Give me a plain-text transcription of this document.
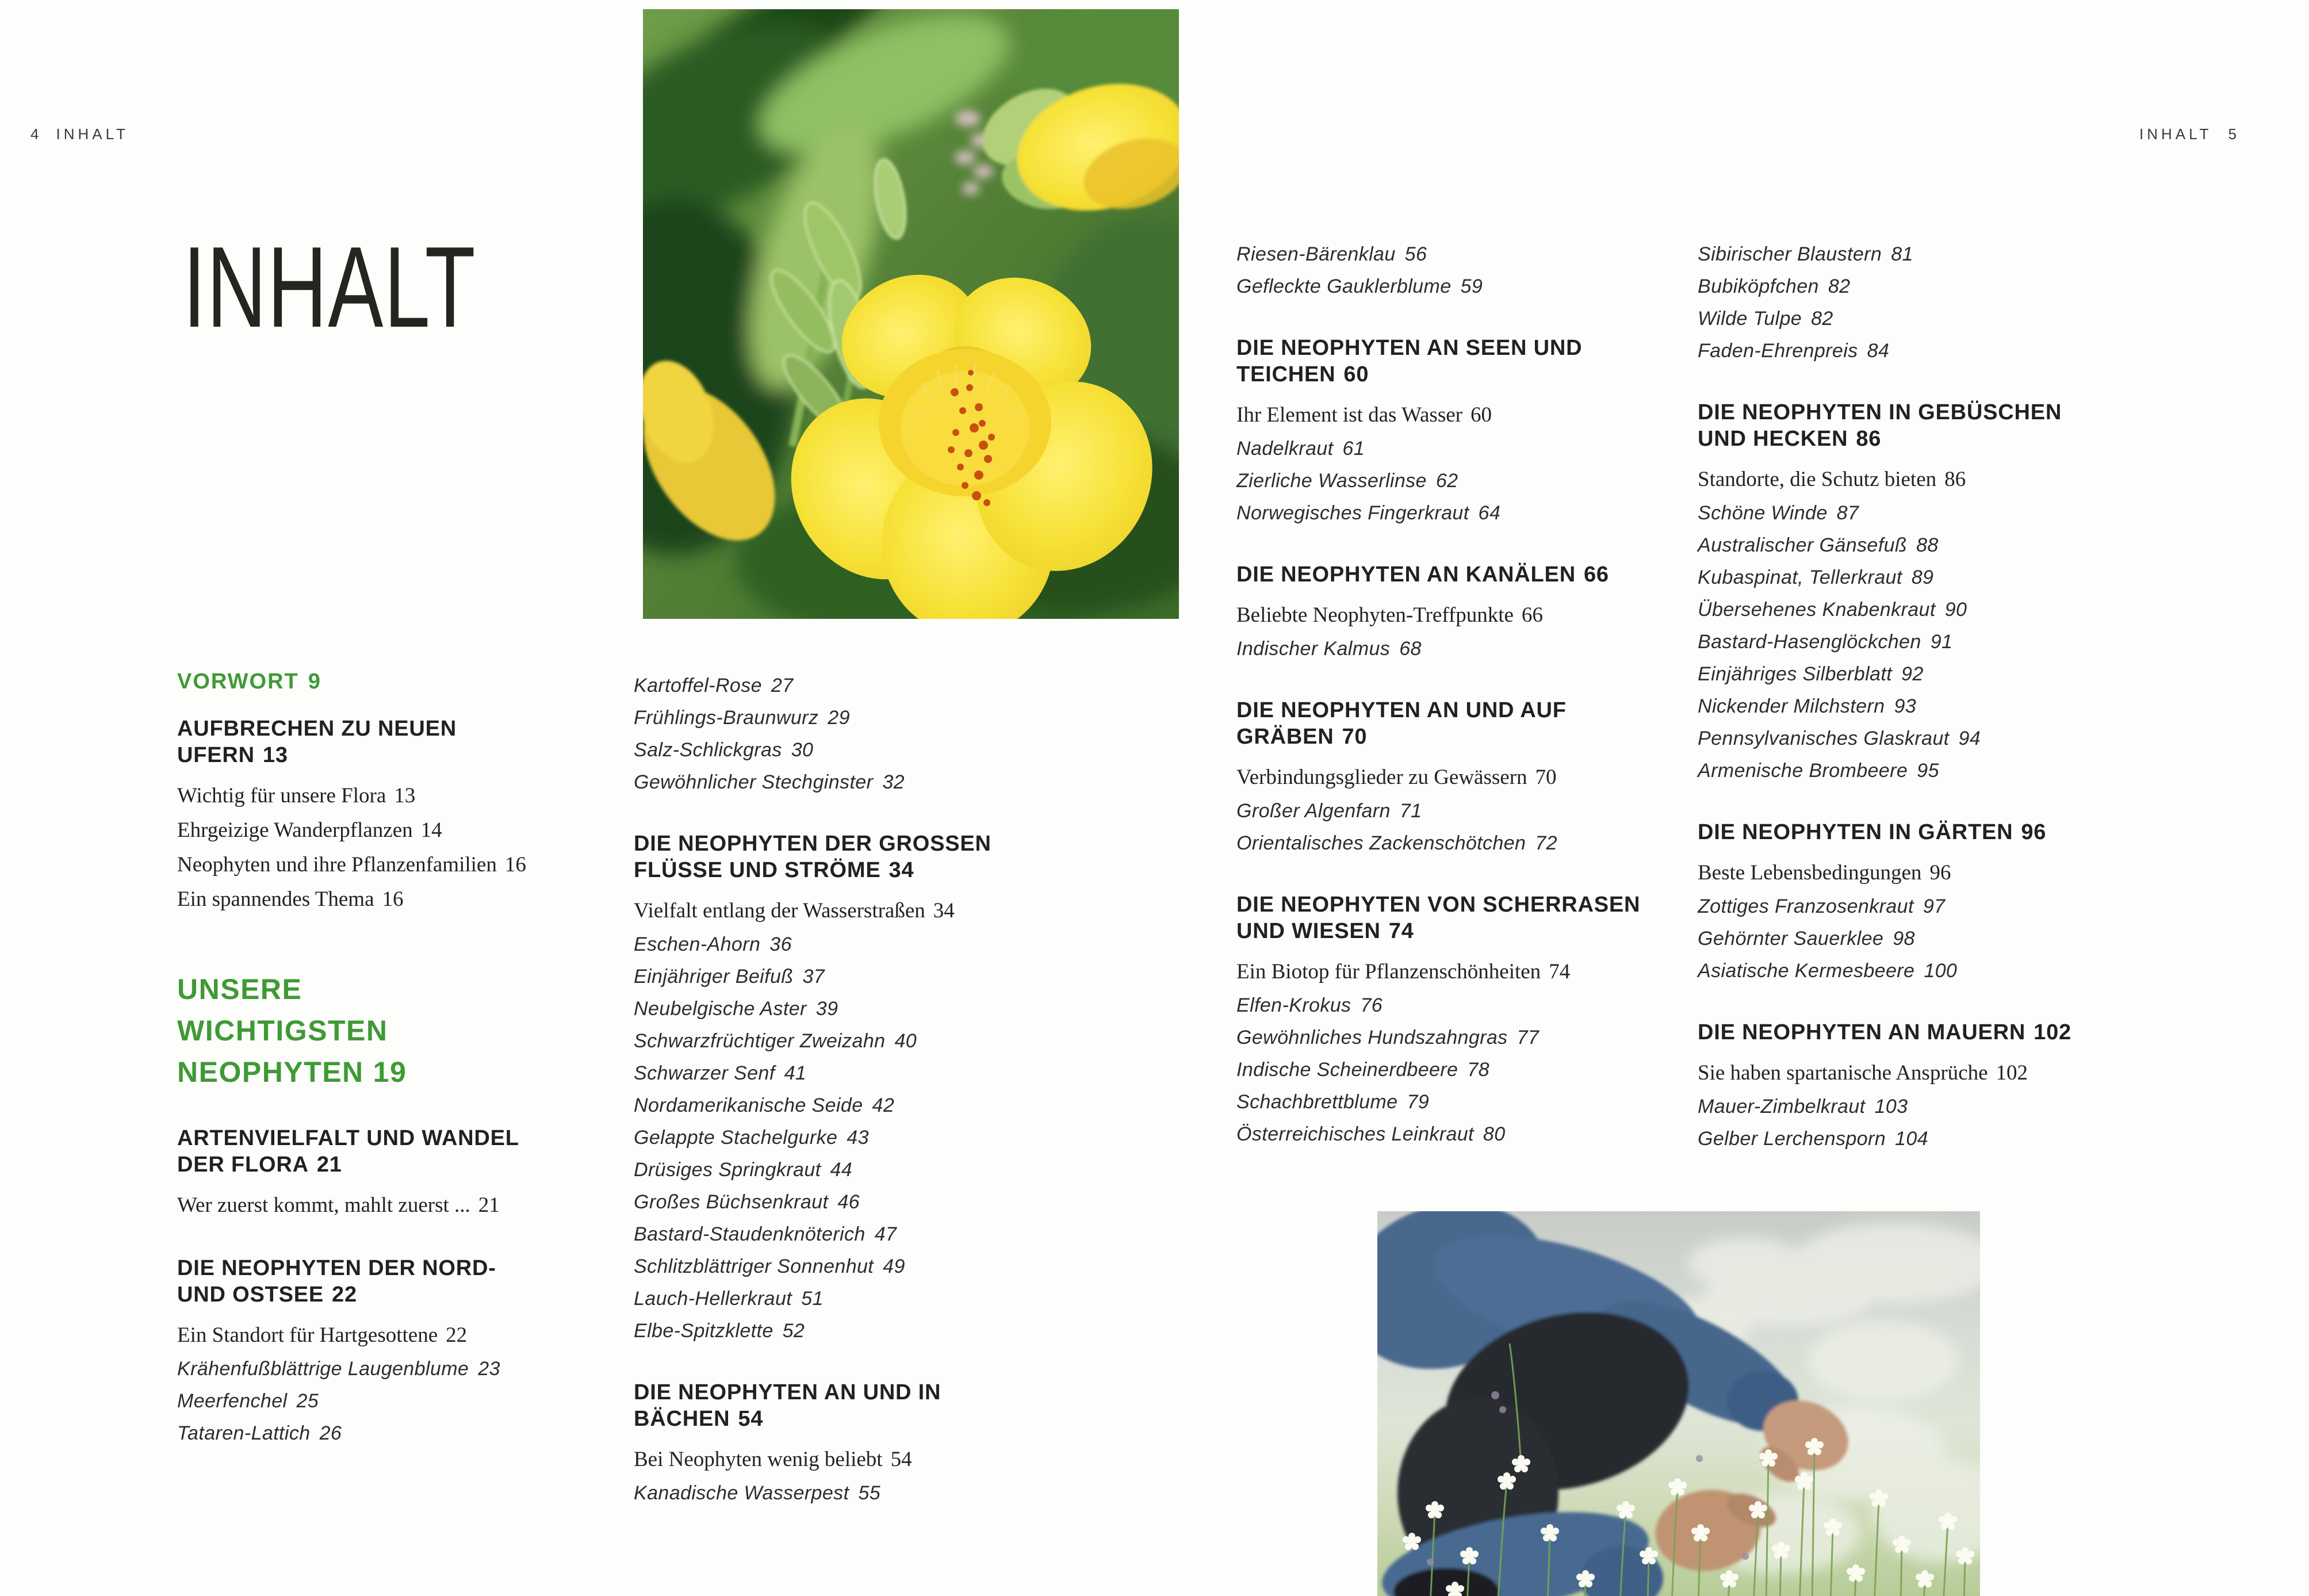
4 INHALT	INHALT 5
INHALT
VORWORT 9
AUFBRECHEN ZU NEUEN
UFERN 13
Wichtig für unsere Flora 13
Ehrgeizige Wanderpflanzen 14
Neophyten und ihre Pflanzenfamilien 16
Ein spannendes Thema 16
UNSERE
WICHTIGSTEN
NEOPHYTEN 19
ARTENVIELFALT UND WANDEL
DER FLORA 21
Wer zuerst kommt, mahlt zuerst ... 21
DIE NEOPHYTEN DER NORD-
UND OSTSEE 22
Ein Standort für Hartgesottene 22
Krähenfußblättrige Laugenblume 23
Meerfenchel 25
Tataren-Lattich 26
Kartoffel-Rose 27
Frühlings-Braunwurz 29
Salz-Schlickgras 30
Gewöhnlicher Stechginster 32
DIE NEOPHYTEN DER GROSSEN
FLÜSSE UND STRÖME 34
Vielfalt entlang der Wasserstraßen 34
Eschen-Ahorn 36
Einjähriger Beifuß 37
Neubelgische Aster 39
Schwarzfrüchtiger Zweizahn 40
Schwarzer Senf 41
Nordamerikanische Seide 42
Gelappte Stachelgurke 43
Drüsiges Springkraut 44
Großes Büchsenkraut 46
Bastard-Staudenknöterich 47
Schlitzblättriger Sonnenhut 49
Lauch-Hellerkraut 51
Elbe-Spitzklette 52
DIE NEOPHYTEN AN UND IN
BÄCHEN 54
Bei Neophyten wenig beliebt 54
Kanadische Wasserpest 55
Riesen-Bärenklau 56
Gefleckte Gauklerblume 59
DIE NEOPHYTEN AN SEEN UND
TEICHEN 60
Ihr Element ist das Wasser 60
Nadelkraut 61
Zierliche Wasserlinse 62
Norwegisches Fingerkraut 64
DIE NEOPHYTEN AN KANÄLEN 66
Beliebte Neophyten-Treffpunkte 66
Indischer Kalmus 68
DIE NEOPHYTEN AN UND AUF
GRÄBEN 70
Verbindungsglieder zu Gewässern 70
Großer Algenfarn 71
Orientalisches Zackenschötchen 72
DIE NEOPHYTEN VON SCHERRASEN
UND WIESEN 74
Ein Biotop für Pflanzenschönheiten 74
Elfen-Krokus 76
Gewöhnliches Hundszahngras 77
Indische Scheinerdbeere 78
Schachbrettblume 79
Österreichisches Leinkraut 80
Sibirischer Blaustern 81
Bubiköpfchen 82
Wilde Tulpe 82
Faden-Ehrenpreis 84
DIE NEOPHYTEN IN GEBÜSCHEN
UND HECKEN 86
Standorte, die Schutz bieten 86
Schöne Winde 87
Australischer Gänsefuß 88
Kubaspinat, Tellerkraut 89
Übersehenes Knabenkraut 90
Bastard-Hasenglöckchen 91
Einjähriges Silberblatt 92
Nickender Milchstern 93
Pennsylvanisches Glaskraut 94
Armenische Brombeere 95
DIE NEOPHYTEN IN GÄRTEN 96
Beste Lebensbedingungen 96
Zottiges Franzosenkraut 97
Gehörnter Sauerklee 98
Asiatische Kermesbeere 100
DIE NEOPHYTEN AN MAUERN 102
Sie haben spartanische Ansprüche 102
Mauer-Zimbelkraut 103
Gelber Lerchensporn 104
